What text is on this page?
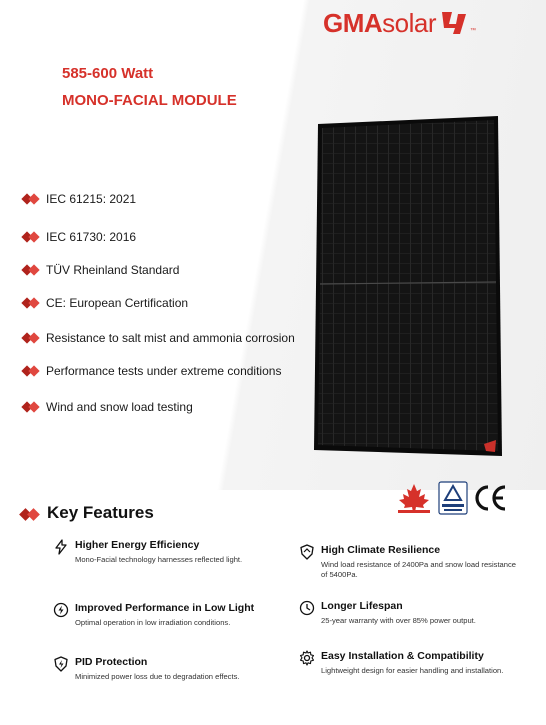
GMAsolar	™
585-600 Watt
MONO-FACIAL MODULE
IEC 61215: 2021
IEC 61730: 2016
TÜV Rheinland Standard
CE: European Certification
Resistance to salt mist and ammonia corrosion
Performance tests under extreme conditions
Wind and snow load testing
Key Features
Higher Energy Efficiency
Mono-Facial technology harnesses reflected light.
High Climate Resilience
Wind load resistance of 2400Pa and snow load resistance of 5400Pa.
Improved Performance in Low Light
Optimal operation in low irradiation conditions.
Longer Lifespan
25-year warranty with over 85% power output.
PID Protection
Minimized power loss due to degradation effects.
Easy Installation & Compatibility
Lightweight design for easier handling and installation.
